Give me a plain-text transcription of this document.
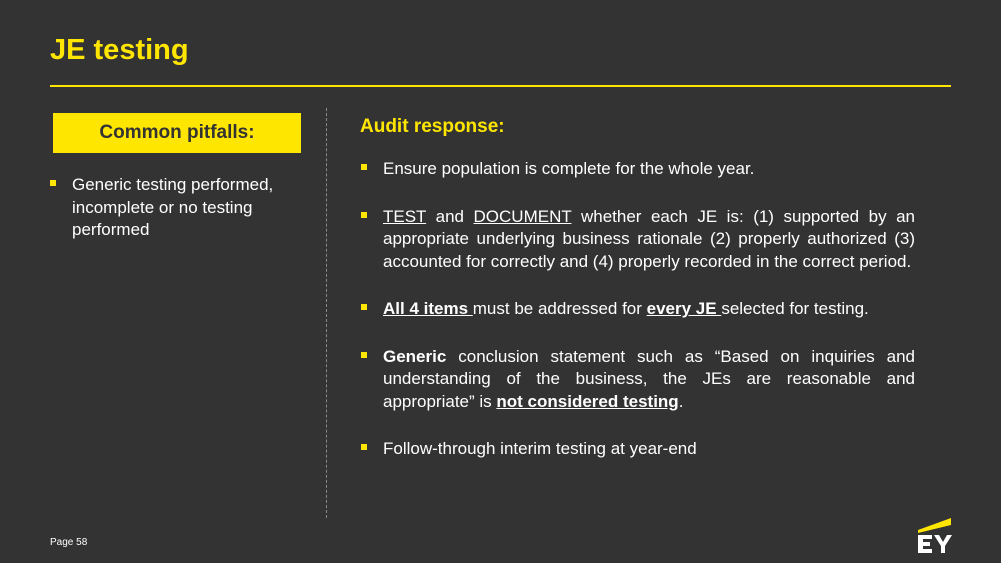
JE testing
Common pitfalls:
Generic testing performed, incomplete or no testing performed
Audit response:
Ensure population is complete for the whole year.
TEST and DOCUMENT whether each JE is: (1) supported by an appropriate underlying business rationale (2) properly authorized (3) accounted for correctly and (4) properly recorded in the correct period.
All 4 items must be addressed for every JE selected for testing.
Generic conclusion statement such as “Based on inquiries and understanding of the business, the JEs are reasonable and appropriate” is not considered testing.
Follow-through interim testing at year-end
Page 58
